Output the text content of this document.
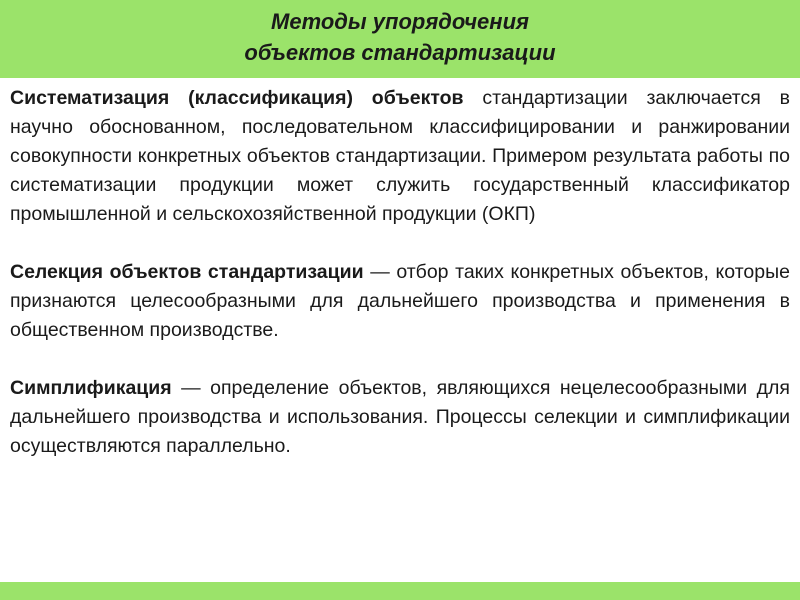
Методы упорядочения
объектов стандартизации

Систематизация (классификация) объектов стандартизации заключается в научно обоснованном, последовательном классифицировании и ранжировании совокупности конкретных объектов стандартизации. Примером результата работы по систематизации продукции может служить государственный классификатор промышленной и сельскохозяйственной продукции (ОКП)

Селекция объектов стандартизации — отбор таких конкретных объектов, которые признаются целесообразными для дальнейшего производства и применения в общественном производстве.

Симплификация — определение объектов, являющихся нецелесообразными для дальнейшего производства и использования. Процессы селекции и симплификации осуществляются параллельно.
